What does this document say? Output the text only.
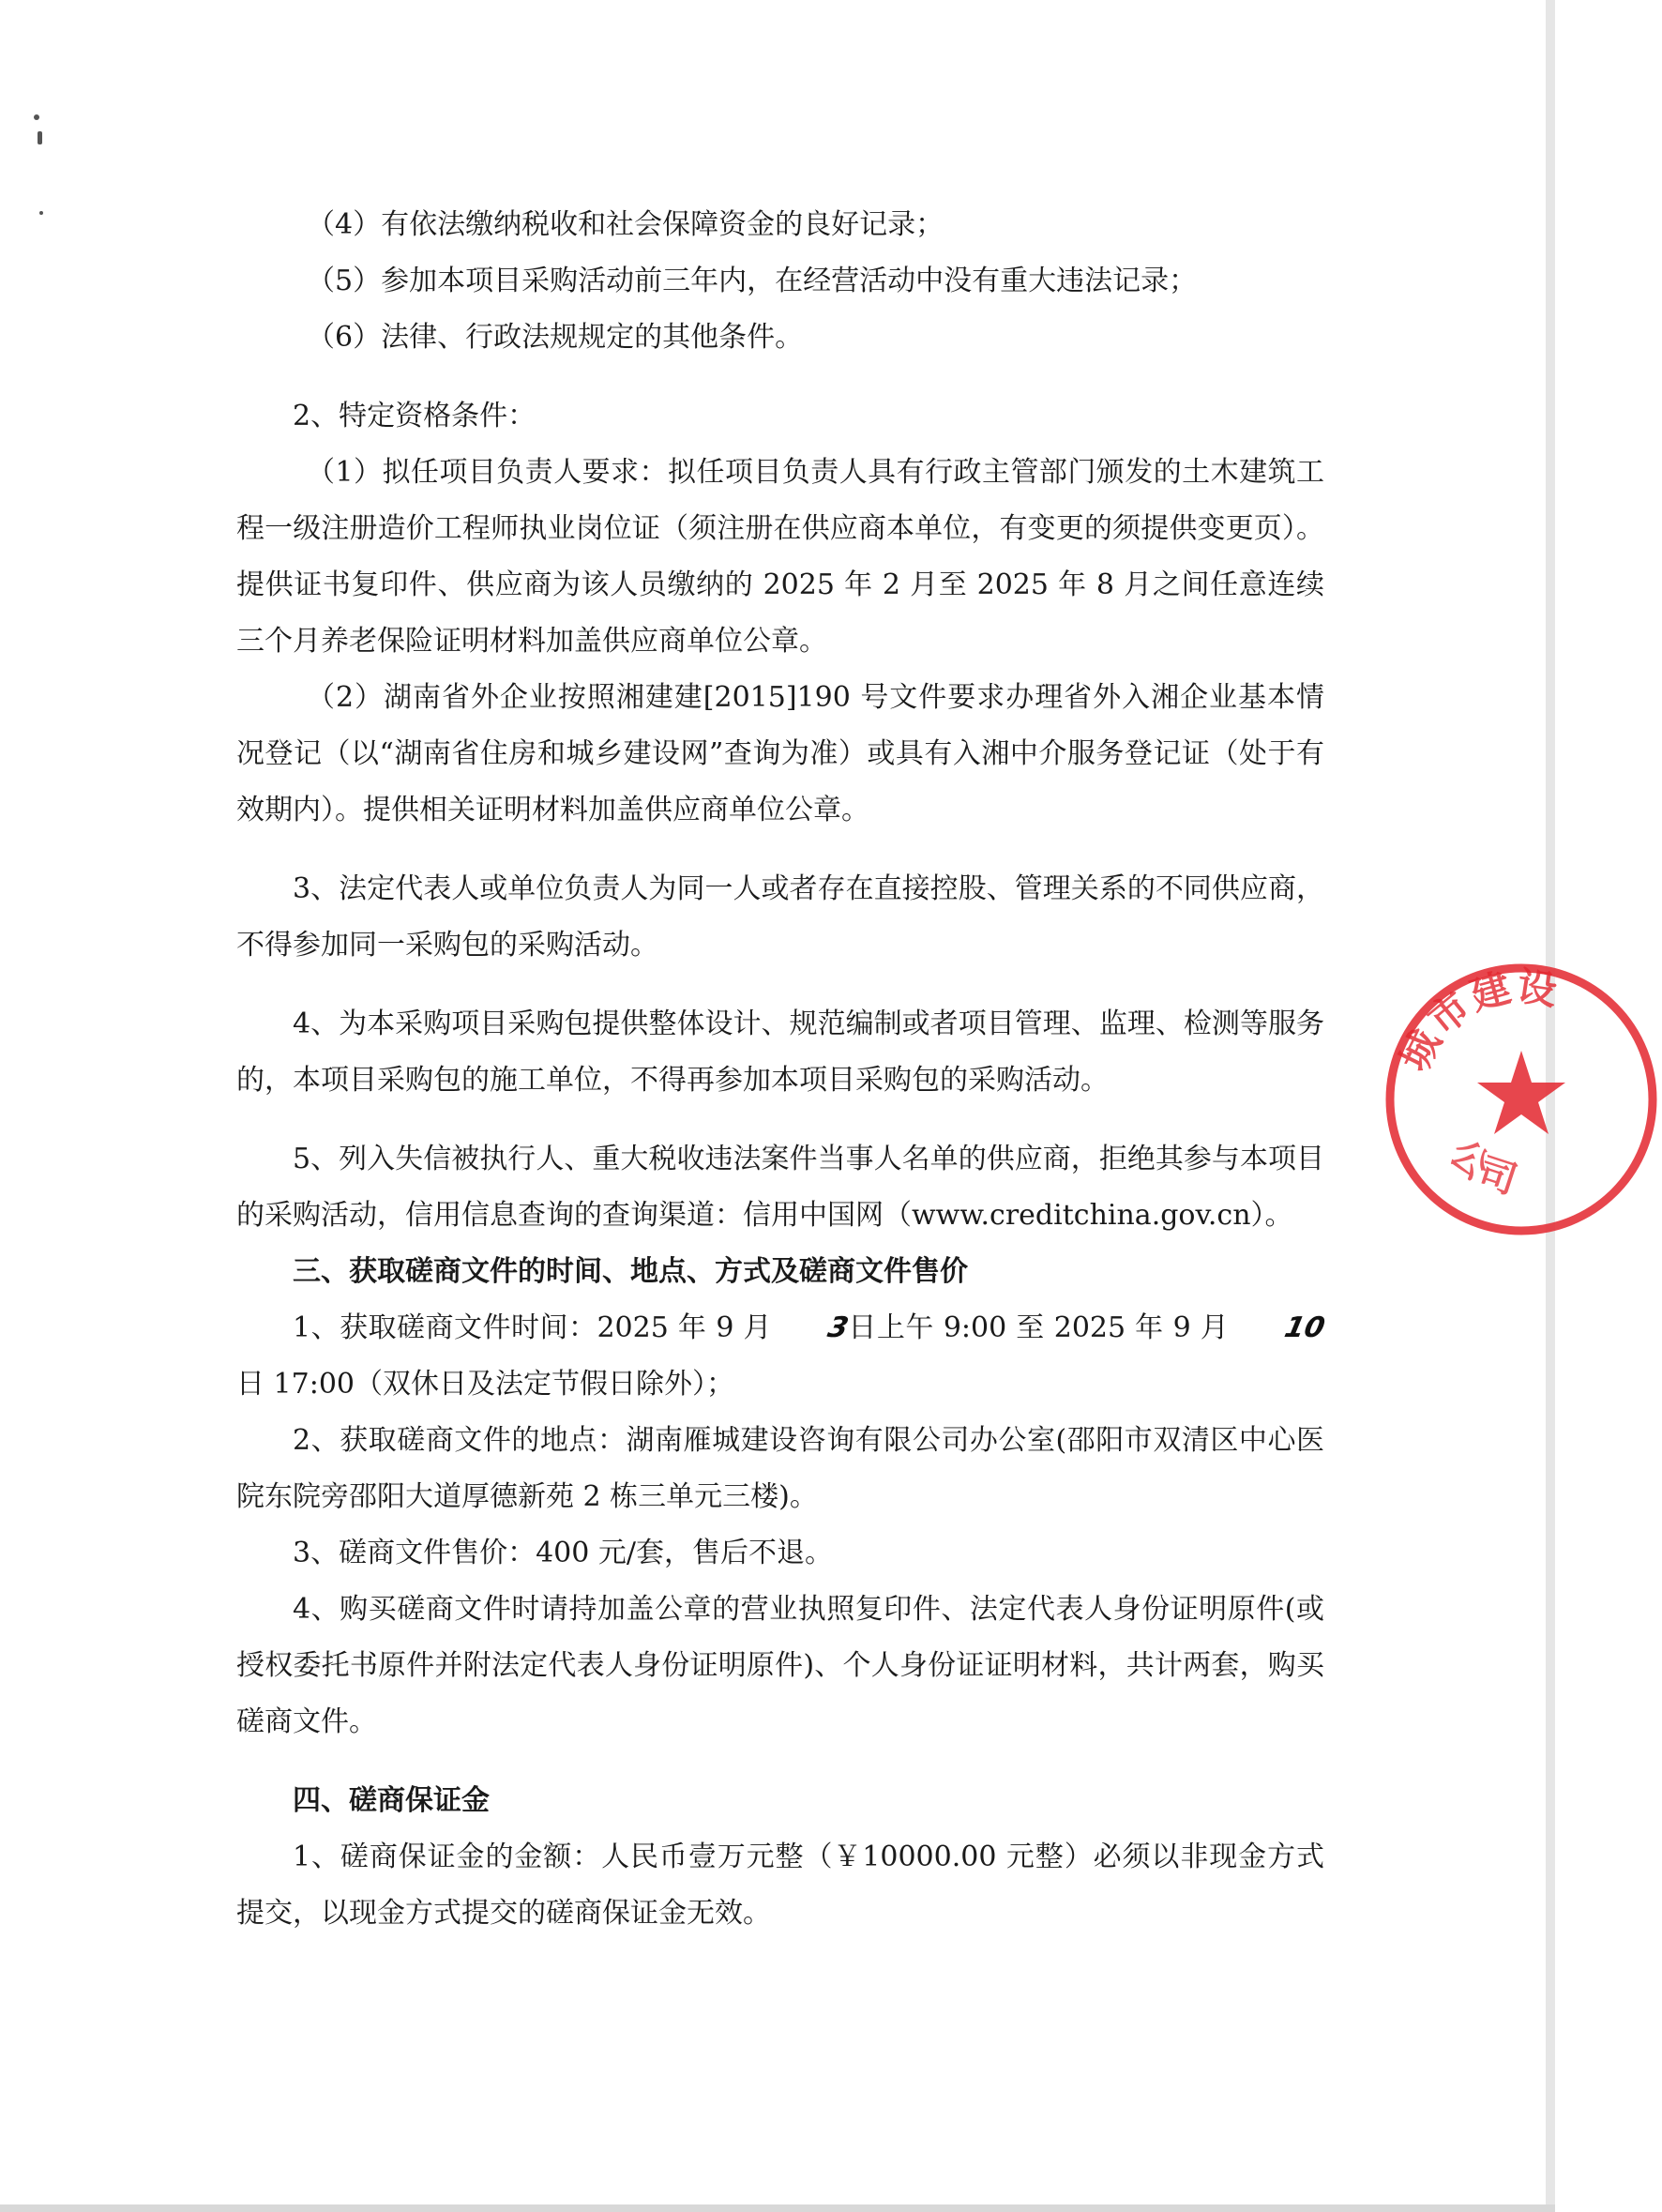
（4）有依法缴纳税收和社会保障资金的良好记录；

（5）参加本项目采购活动前三年内，在经营活动中没有重大违法记录；

（6）法律、行政法规规定的其他条件。

2、特定资格条件：

（1）拟任项目负责人要求：拟任项目负责人具有行政主管部门颁发的土木建筑工程一级注册造价工程师执业岗位证（须注册在供应商本单位，有变更的须提供变更页）。提供证书复印件、供应商为该人员缴纳的 2025 年 2 月至 2025 年 8 月之间任意连续三个月养老保险证明材料加盖供应商单位公章。

（2）湖南省外企业按照湘建建[2015]190 号文件要求办理省外入湘企业基本情况登记（以“湖南省住房和城乡建设网”查询为准）或具有入湘中介服务登记证（处于有效期内）。提供相关证明材料加盖供应商单位公章。

3、法定代表人或单位负责人为同一人或者存在直接控股、管理关系的不同供应商，不得参加同一采购包的采购活动。

4、为本采购项目采购包提供整体设计、规范编制或者项目管理、监理、检测等服务的，本项目采购包的施工单位，不得再参加本项目采购包的采购活动。

5、列入失信被执行人、重大税收违法案件当事人名单的供应商，拒绝其参与本项目的采购活动，信用信息查询的查询渠道：信用中国网（www.creditchina.gov.cn）。

三、获取磋商文件的时间、地点、方式及磋商文件售价

1、获取磋商文件时间：2025 年 9 月 3日上午 9:00 至 2025 年 9 月 10日 17:00（双休日及法定节假日除外）；

2、获取磋商文件的地点：湖南雁城建设咨询有限公司办公室(邵阳市双清区中心医院东院旁邵阳大道厚德新苑 2 栋三单元三楼)。

3、磋商文件售价：400 元/套，售后不退。

4、购买磋商文件时请持加盖公章的营业执照复印件、法定代表人身份证明原件(或授权委托书原件并附法定代表人身份证明原件)、个人身份证证明材料，共计两套，购买磋商文件。

四、磋商保证金

1、磋商保证金的金额：人民币壹万元整（￥10000.00 元整）必须以非现金方式提交，以现金方式提交的磋商保证金无效。

城市建设
公司
